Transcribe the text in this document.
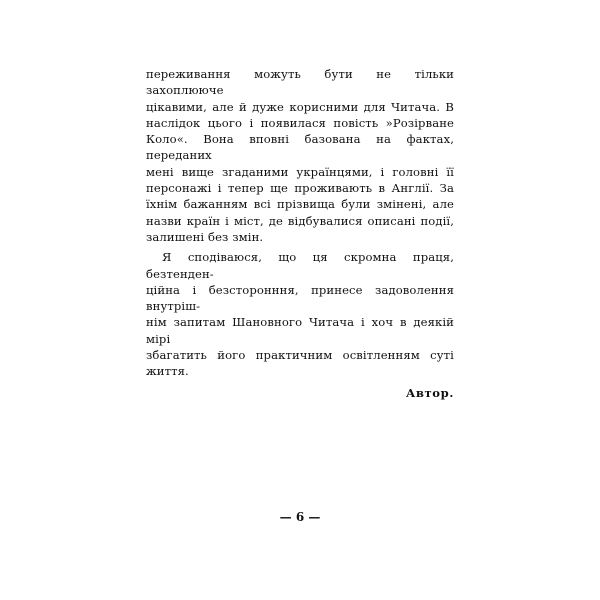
переживання можуть бути не тільки захоплююче
цікавими, але й дуже корисними для Читача. В
наслідок цього і появилася повість »Розірване
Коло«. Вона вповні базована на фактах, переданих
мені вище згаданими українцями, і головні її
персонажі і тепер ще проживають в Англії. За
їхнім бажанням всі прізвища були змінені, але
назви країн і міст, де відбувалися описані події,
залишені без змін.
Я сподіваюся, що ця скромна праця, безтенден-
ційна і безсторонння, принесе задоволення внутріш-
нім запитам Шановного Читача і хоч в деякій мірі
збагатить його практичним освітленням суті життя.

Автор.

— 6 —
